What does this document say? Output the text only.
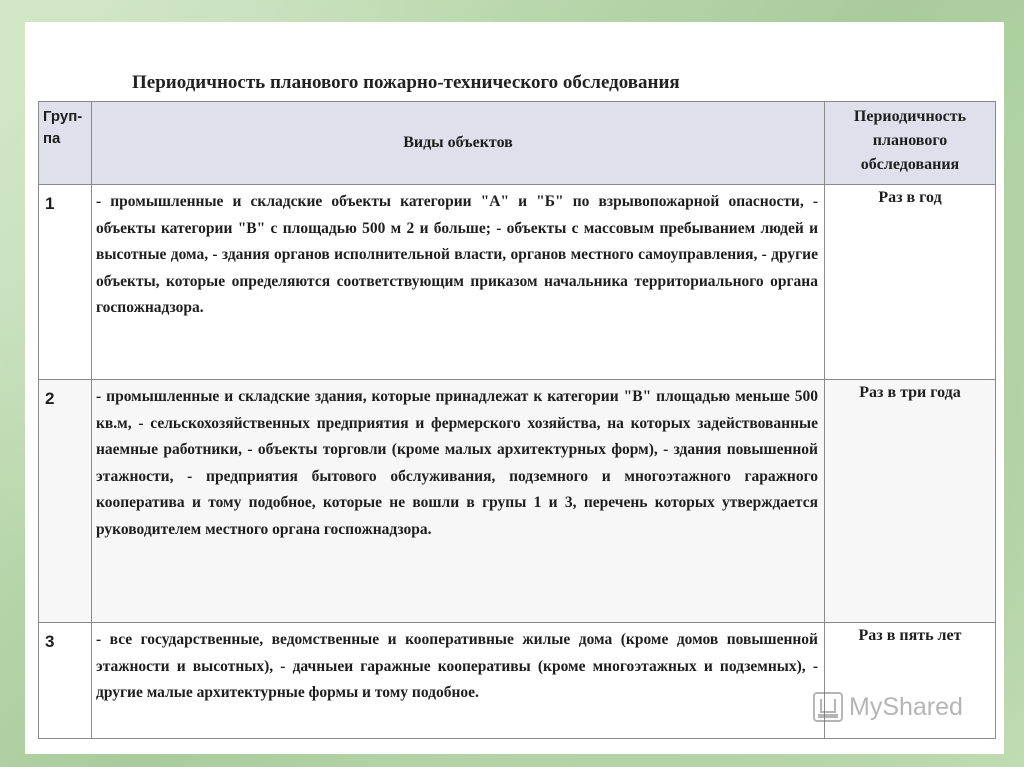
Периодичность планового пожарно-технического обследования
Груп-па	Виды объектов	Периодичность планового обследования
1	- промышленные и складские объекты категории "А" и "Б" по взрывопожарной опасности, - объекты категории "В" с площадью 500 м 2 и больше; - объекты с массовым пребыванием людей и высотные дома, - здания органов исполнительной власти, органов местного самоуправления, - другие объекты, которые определяются соответствующим приказом начальника территориального органа госпожнадзора.	Раз в год
2	- промышленные и складские здания, которые принадлежат к категории "В" площадью меньше 500 кв.м, - сельскохозяйственных предприятия и фермерского хозяйства, на которых задействованные наемные работники, - объекты торговли (кроме малых архитектурных форм), - здания повышенной этажности, - предприятия бытового обслуживания, подземного и многоэтажного гаражного кооператива и тому подобное, которые не вошли в групы 1 и 3, перечень которых утверждается руководителем местного органа госпожнадзора.	Раз в три года
3	- все государственные, ведомственные и кооперативные жилые дома (кроме домов повышенной этажности и высотных), - дачныеи гаражные кооперативы (кроме многоэтажных и подземных), - другие малые архитектурные формы и тому подобное.	Раз в пять лет
MyShared
